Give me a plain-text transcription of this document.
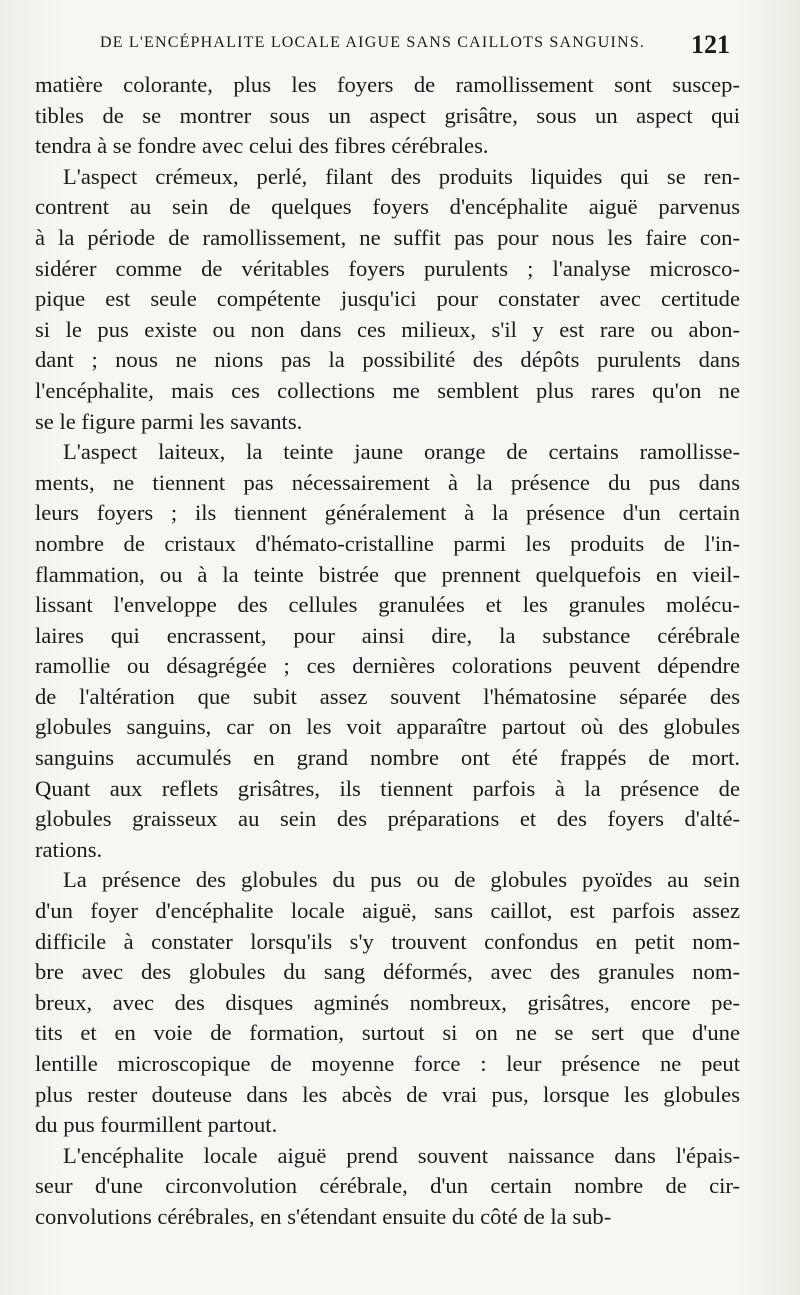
DE L'ENCÉPHALITE LOCALE AIGUE SANS CAILLOTS SANGUINS. 121
matière colorante, plus les foyers de ramollissement sont suscep-
tibles de se montrer sous un aspect grisâtre, sous un aspect qui
tendra à se fondre avec celui des fibres cérébrales.
L'aspect crémeux, perlé, filant des produits liquides qui se ren-
contrent au sein de quelques foyers d'encéphalite aiguë parvenus
à la période de ramollissement, ne suffit pas pour nous les faire con-
sidérer comme de véritables foyers purulents ; l'analyse microsco-
pique est seule compétente jusqu'ici pour constater avec certitude
si le pus existe ou non dans ces milieux, s'il y est rare ou abon-
dant ; nous ne nions pas la possibilité des dépôts purulents dans
l'encéphalite, mais ces collections me semblent plus rares qu'on ne
se le figure parmi les savants.
L'aspect laiteux, la teinte jaune orange de certains ramollisse-
ments, ne tiennent pas nécessairement à la présence du pus dans
leurs foyers ; ils tiennent généralement à la présence d'un certain
nombre de cristaux d'hémato-cristalline parmi les produits de l'in-
flammation, ou à la teinte bistrée que prennent quelquefois en vieil-
lissant l'enveloppe des cellules granulées et les granules molécu-
laires qui encrassent, pour ainsi dire, la substance cérébrale
ramollie ou désagrégée ; ces dernières colorations peuvent dépendre
de l'altération que subit assez souvent l'hématosine séparée des
globules sanguins, car on les voit apparaître partout où des globules
sanguins accumulés en grand nombre ont été frappés de mort.
Quant aux reflets grisâtres, ils tiennent parfois à la présence de
globules graisseux au sein des préparations et des foyers d'alté-
rations.
La présence des globules du pus ou de globules pyoïdes au sein
d'un foyer d'encéphalite locale aiguë, sans caillot, est parfois assez
difficile à constater lorsqu'ils s'y trouvent confondus en petit nom-
bre avec des globules du sang déformés, avec des granules nom-
breux, avec des disques agminés nombreux, grisâtres, encore pe-
tits et en voie de formation, surtout si on ne se sert que d'une
lentille microscopique de moyenne force : leur présence ne peut
plus rester douteuse dans les abcès de vrai pus, lorsque les globules
du pus fourmillent partout.
L'encéphalite locale aiguë prend souvent naissance dans l'épais-
seur d'une circonvolution cérébrale, d'un certain nombre de cir-
convolutions cérébrales, en s'étendant ensuite du côté de la sub-
